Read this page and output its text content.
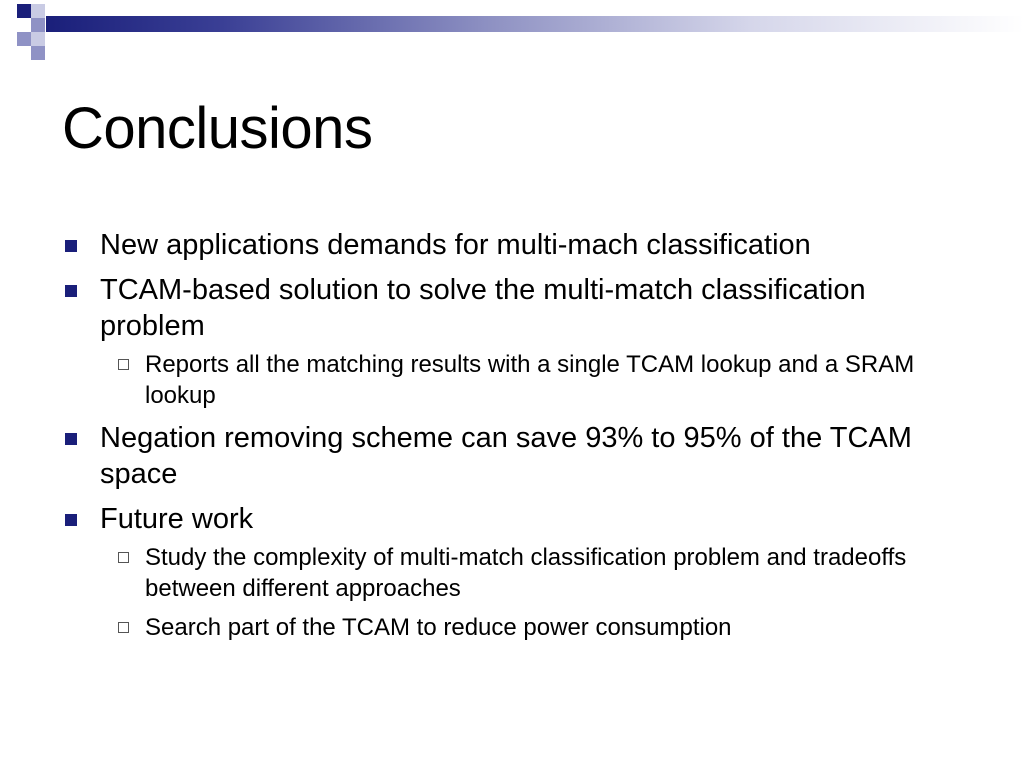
Conclusions
New applications demands for multi-mach classification
TCAM-based solution to solve the multi-match classification problem
Reports all the matching results with a single TCAM lookup and a SRAM lookup
Negation removing scheme can save 93% to 95% of the TCAM space
Future work
Study the complexity of multi-match classification problem and tradeoffs between different approaches
Search part of the TCAM to reduce power consumption
